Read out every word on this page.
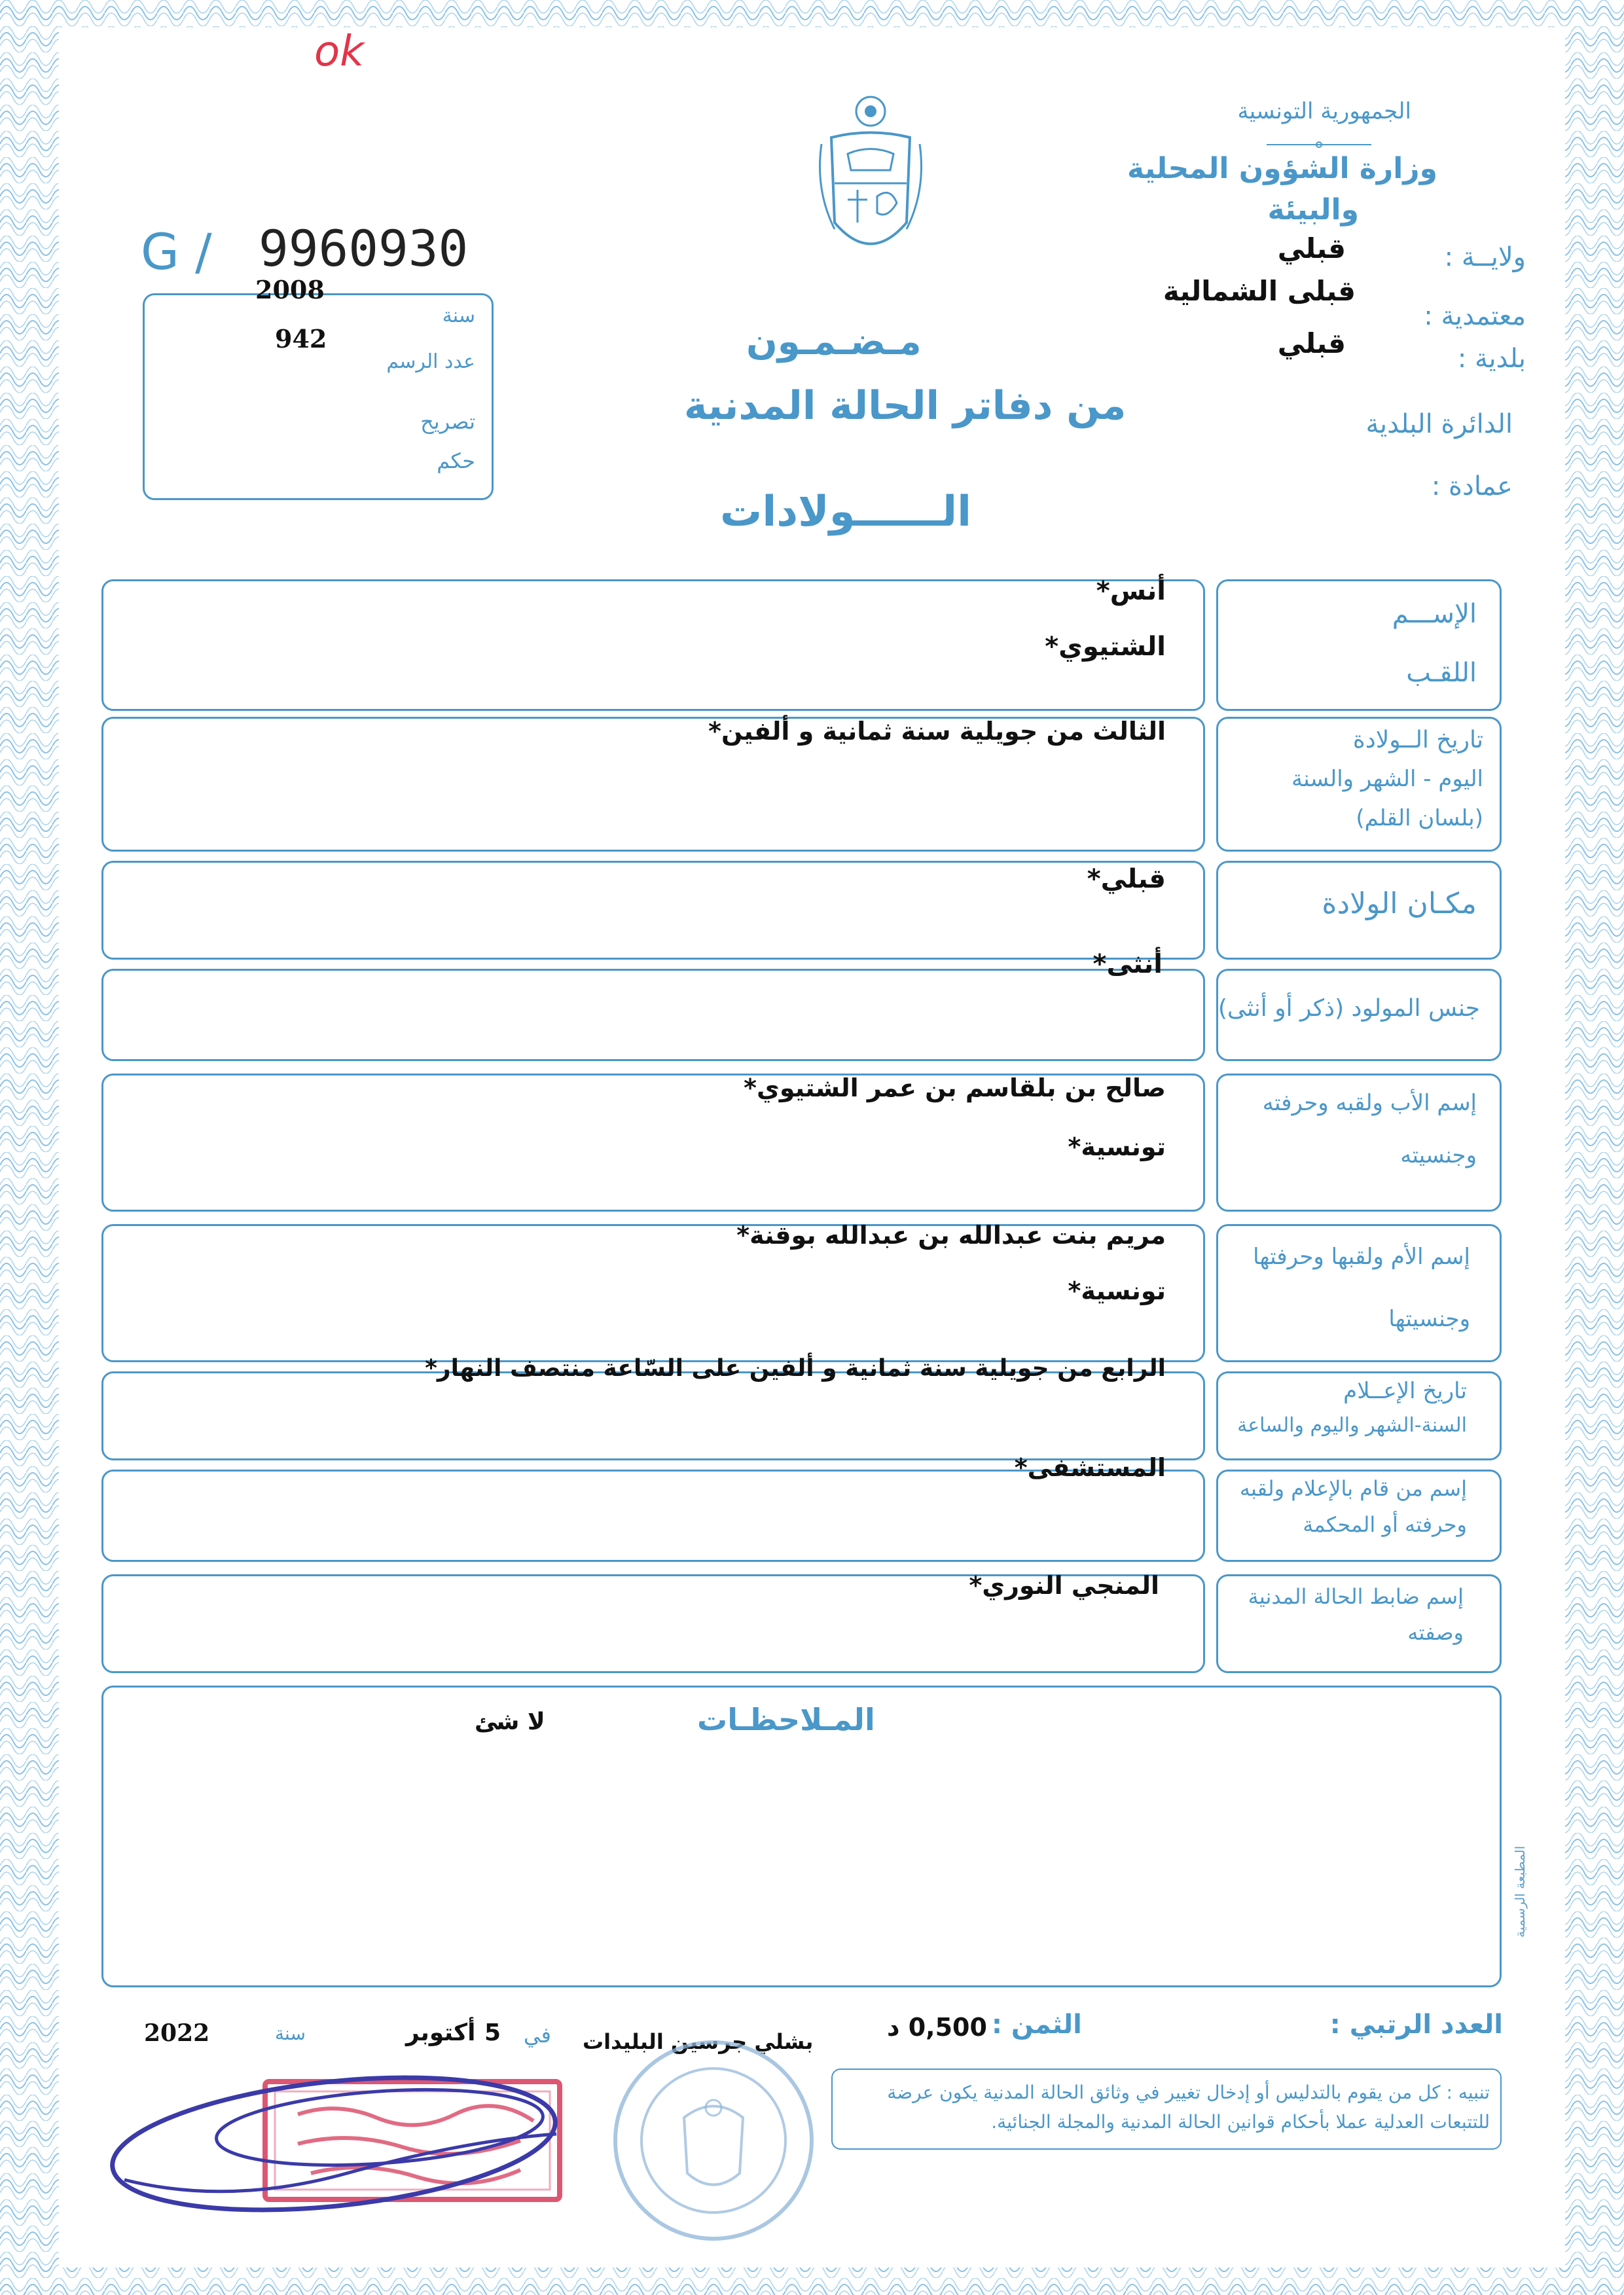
ok
الجمهورية التونسية
وزارة الشؤون المحلية
والبيئة
ولايــة :
قبلي
معتمدية :
قبلى الشمالية
بلدية :
قبلي
الدائرة البلدية
عمادة :
G / 9960930
2008
سنة
942
عدد الرسم
تصريح
حكم
مـضـمـون
من دفاتر الحالة المدنية
الــــــولادات
أنس*
الشتيوي*
الإســـم
اللقـب
الثالث من جويلية سنة ثمانية و ألفين*	تاريخ الــولادة
اليوم - الشهر والسنة
(بلسان القلم)
قبلي*
مكـان الولادة
أنثى*
جنس المولود (ذكر أو أنثى)
صالح بن بلقاسم بن عمر الشتيوي*
تونسية*
إسم الأب ولقبه وحرفته
وجنسيته
مريم بنت عبدالله بن عبدالله بوقنة*
تونسية*
إسم الأم ولقبها وحرفتها
وجنسيتها
الرابع من جويلية سنة ثمانية و ألفين على السّاعة منتصف النهار*
تاريخ الإعــلام
السنة-الشهر واليوم والساعة
المستشفى*
إسم من قام بالإعلام ولقبه
وحرفته أو المحكمة
المنجي النوري*	إسم ضابط الحالة المدنية
وصفته
المـلاحظـات
لا شئ
المطبعة الرسمية
العدد الرتبي :
الثمن :
0,500 د
بشلي جرسين البليدات
في
5
أكتوبر
سنة
2022
تنبيه : كل من يقوم بالتدليس أو إدخال تغيير في وثائق الحالة المدنية يكون عرضة
للتتبعات العدلية عملا بأحكام قوانين الحالة المدنية والمجلة الجنائية.
